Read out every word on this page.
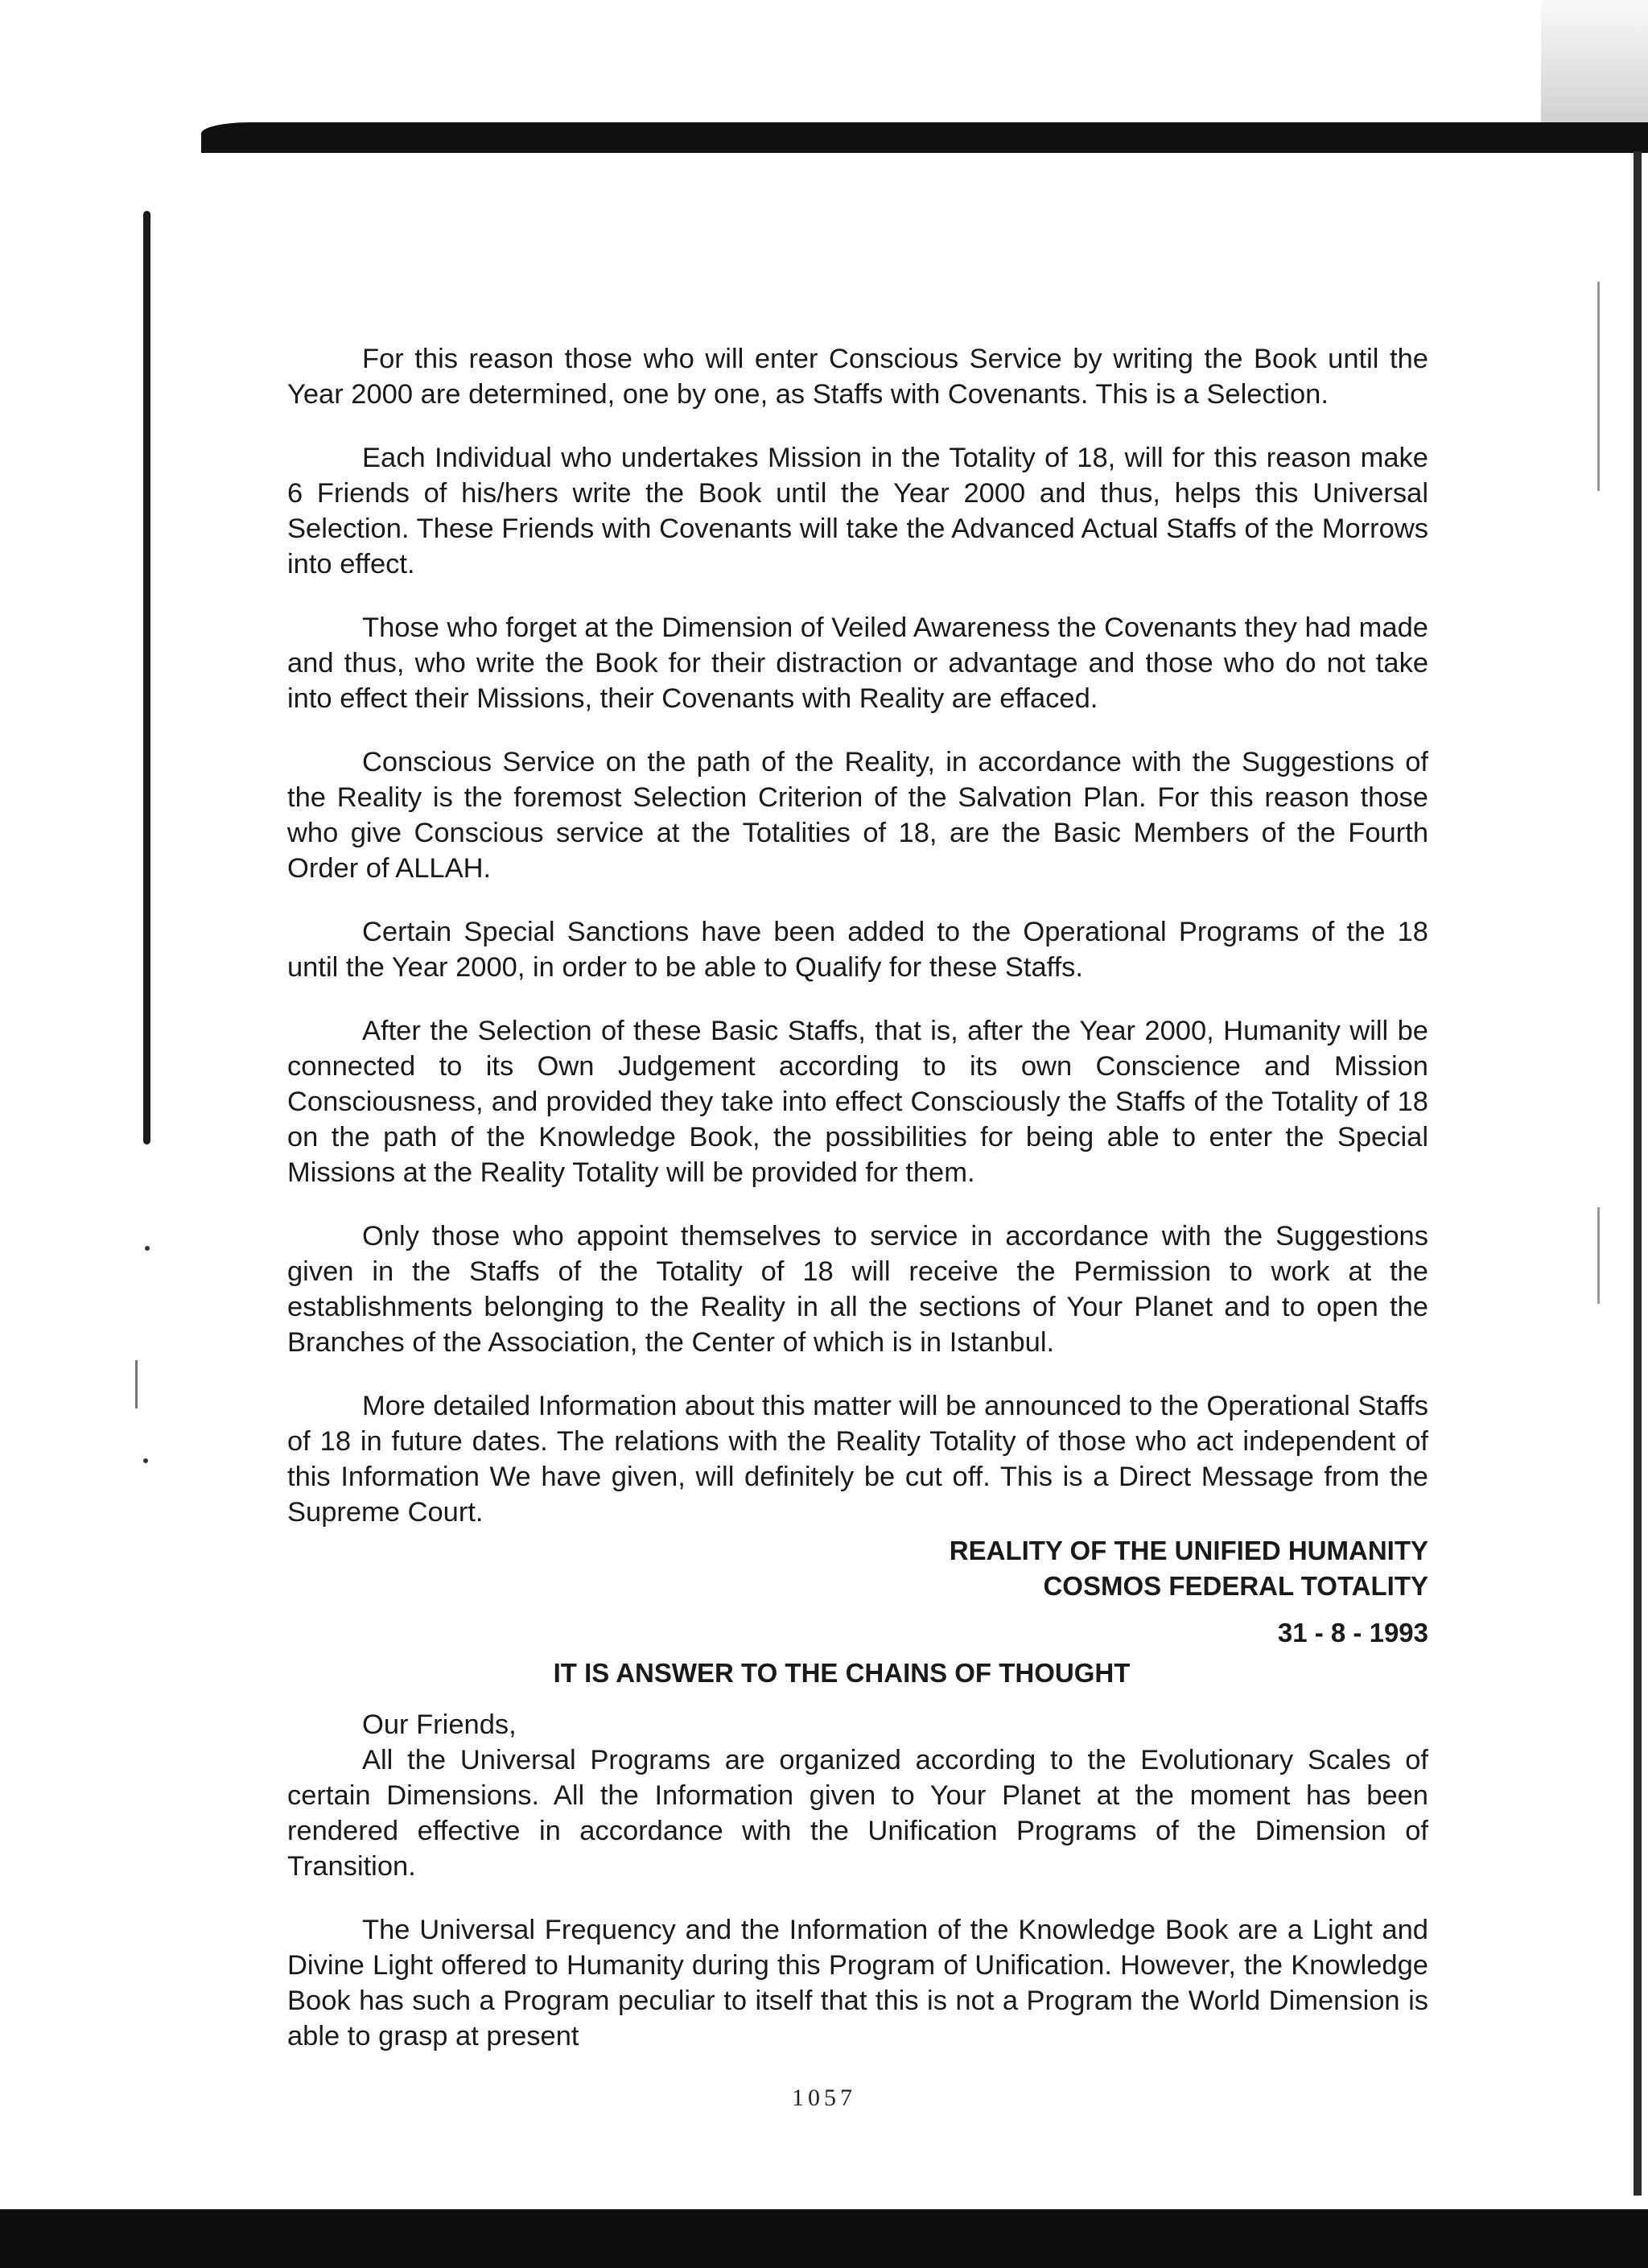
For this reason those who will enter Conscious Service by writing the Book until the Year 2000 are determined, one by one, as Staffs with Covenants. This is a Selection.

Each Individual who undertakes Mission in the Totality of 18, will for this reason make 6 Friends of his/hers write the Book until the Year 2000 and thus, helps this Universal Selection. These Friends with Covenants will take the Advanced Actual Staffs of the Morrows into effect.

Those who forget at the Dimension of Veiled Awareness the Covenants they had made and thus, who write the Book for their distraction or advantage and those who do not take into effect their Missions, their Covenants with Reality are effaced.

Conscious Service on the path of the Reality, in accordance with the Suggestions of the Reality is the foremost Selection Criterion of the Salvation Plan. For this reason those who give Conscious service at the Totalities of 18, are the Basic Members of the Fourth Order of ALLAH.

Certain Special Sanctions have been added to the Operational Programs of the 18 until the Year 2000, in order to be able to Qualify for these Staffs.

After the Selection of these Basic Staffs, that is, after the Year 2000, Humanity will be connected to its Own Judgement according to its own Conscience and Mission Consciousness, and provided they take into effect Consciously the Staffs of the Totality of 18 on the path of the Knowledge Book, the possibilities for being able to enter the Special Missions at the Reality Totality will be provided for them.

Only those who appoint themselves to service in accordance with the Suggestions given in the Staffs of the Totality of 18 will receive the Permission to work at the establishments belonging to the Reality in all the sections of Your Planet and to open the Branches of the Association, the Center of which is in Istanbul.

More detailed Information about this matter will be announced to the Operational Staffs of 18 in future dates. The relations with the Reality Totality of those who act independent of this Information We have given, will definitely be cut off. This is a Direct Message from the Supreme Court.

REALITY OF THE UNIFIED HUMANITY

COSMOS FEDERAL TOTALITY

31 - 8 - 1993

IT IS ANSWER TO THE CHAINS OF THOUGHT

Our Friends,

All the Universal Programs are organized according to the Evolutionary Scales of certain Dimensions. All the Information given to Your Planet at the moment has been rendered effective in accordance with the Unification Programs of the Dimension of Transition.

The Universal Frequency and the Information of the Knowledge Book are a Light and Divine Light offered to Humanity during this Program of Unification. However, the Knowledge Book has such a Program peculiar to itself that this is not a Program the World Dimension is able to grasp at present

1057
